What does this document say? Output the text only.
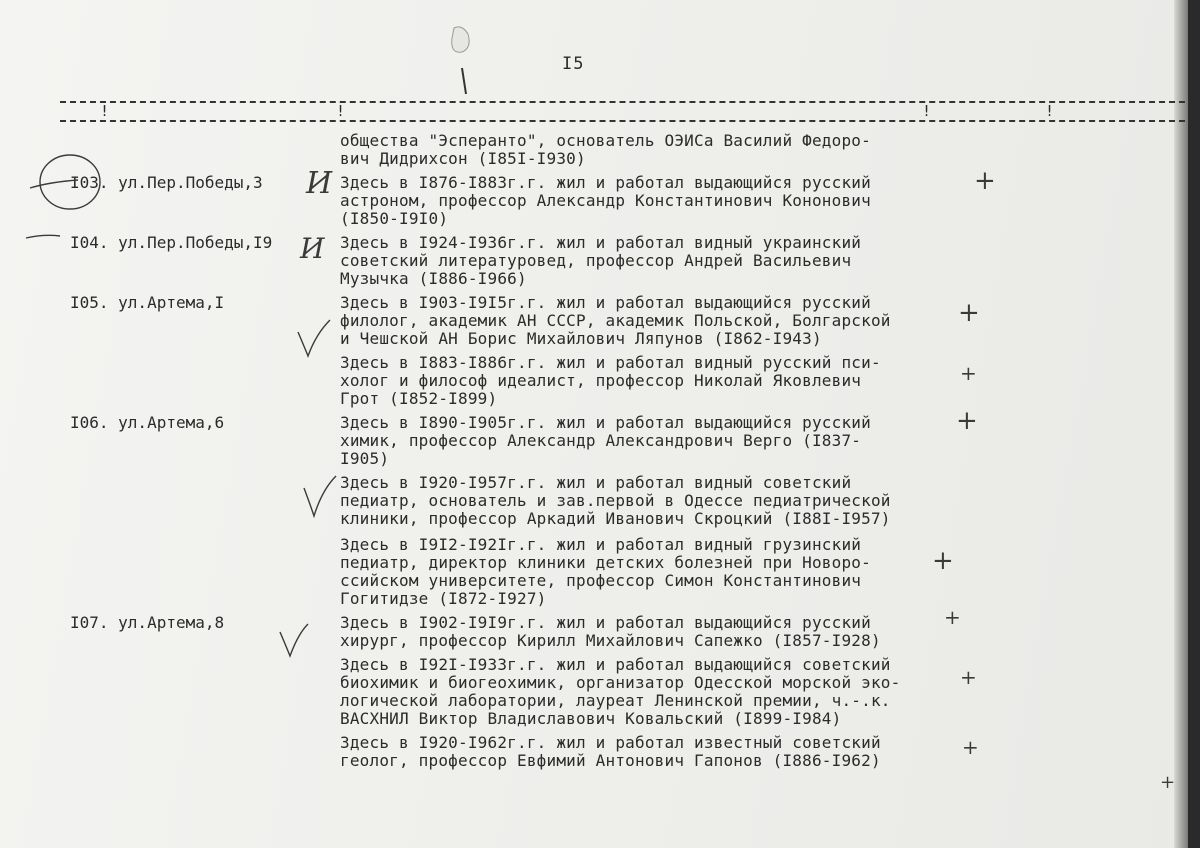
I5
!	!	!	!
общества "Эсперанто", основатель ОЭИСа Василий Федоро-
вич Дидрихсон (I85I-I930)
I03. ул.Пер.Победы,3	Здесь в I876-I883г.г. жил и работал выдающийся русский
астроном, профессор Александр Константинович Кононович
(I850-I9I0)
I04. ул.Пер.Победы,I9	Здесь в I924-I936г.г. жил и работал видный украинский
советский литературовед, профессор Андрей Васильевич
Музычка (I886-I966)
I05. ул.Артема,I	Здесь в I903-I9I5г.г. жил и работал выдающийся русский
филолог, академик АН СССР, академик Польской, Болгарской
и Чешской АН Борис Михайлович Ляпунов (I862-I943)
Здесь в I883-I886г.г. жил и работал видный русский пси-
холог и философ идеалист, профессор Николай Яковлевич
Грот (I852-I899)
I06. ул.Артема,6	Здесь в I890-I905г.г. жил и работал выдающийся русский
химик, профессор Александр Александрович Верго (I837-
I905)
Здесь в I920-I957г.г. жил и работал видный советский
педиатр, основатель и зав.первой в Одессе педиатрической
клиники, профессор Аркадий Иванович Скроцкий (I88I-I957)
Здесь в I9I2-I92Iг.г. жил и работал видный грузинский
педиатр, директор клиники детских болезней при Новоро-
ссийском университете, профессор Симон Константинович
Гогитидзе (I872-I927)
I07. ул.Артема,8	Здесь в I902-I9I9г.г. жил и работал выдающийся русский
хирург, профессор Кирилл Михайлович Сапежко (I857-I928)
Здесь в I92I-I933г.г. жил и работал выдающийся советский
биохимик и биогеохимик, организатор Одесской морской эко-
логической лаборатории, лауреат Ленинской премии, ч.-.к.
ВАСХНИЛ Виктор Владиславович Ковальский (I899-I984)
Здесь в I920-I962г.г. жил и работал известный советский
геолог, профессор Евфимий Антонович Гапонов (I886-I962)
И
И
+
+
+
+
+
+
+
+
+
